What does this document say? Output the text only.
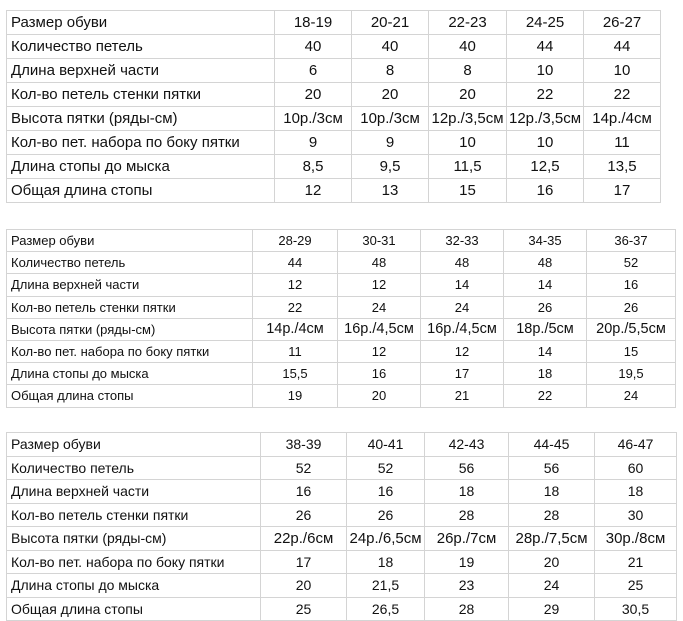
Размер обуви	18-19	20-21	22-23	24-25	26-27
Количество петель	40	40	40	44	44
Длина верхней части	6	8	8	10	10
Кол-во петель стенки пятки	20	20	20	22	22
Высота пятки (ряды-см)	10р./3см	10р./3см	12р./3,5см	12р./3,5см	14р./4см
Кол-во пет. набора по боку пятки	9	9	10	10	11
Длина стопы до мыска	8,5	9,5	11,5	12,5	13,5
Общая длина стопы	12	13	15	16	17
Размер обуви	28-29	30-31	32-33	34-35	36-37
Количество петель	44	48	48	48	52
Длина верхней части	12	12	14	14	16
Кол-во петель стенки пятки	22	24	24	26	26
Высота пятки (ряды-см)	14р./4см	16р./4,5см	16р./4,5см	18р./5см	20р./5,5см
Кол-во пет. набора по боку пятки	11	12	12	14	15
Длина стопы до мыска	15,5	16	17	18	19,5
Общая длина стопы	19	20	21	22	24
Размер обуви	38-39	40-41	42-43	44-45	46-47
Количество петель	52	52	56	56	60
Длина верхней части	16	16	18	18	18
Кол-во петель стенки пятки	26	26	28	28	30
Высота пятки (ряды-см)	22р./6см	24р./6,5см	26р./7см	28р./7,5см	30р./8см
Кол-во пет. набора по боку пятки	17	18	19	20	21
Длина стопы до мыска	20	21,5	23	24	25
Общая длина стопы	25	26,5	28	29	30,5
